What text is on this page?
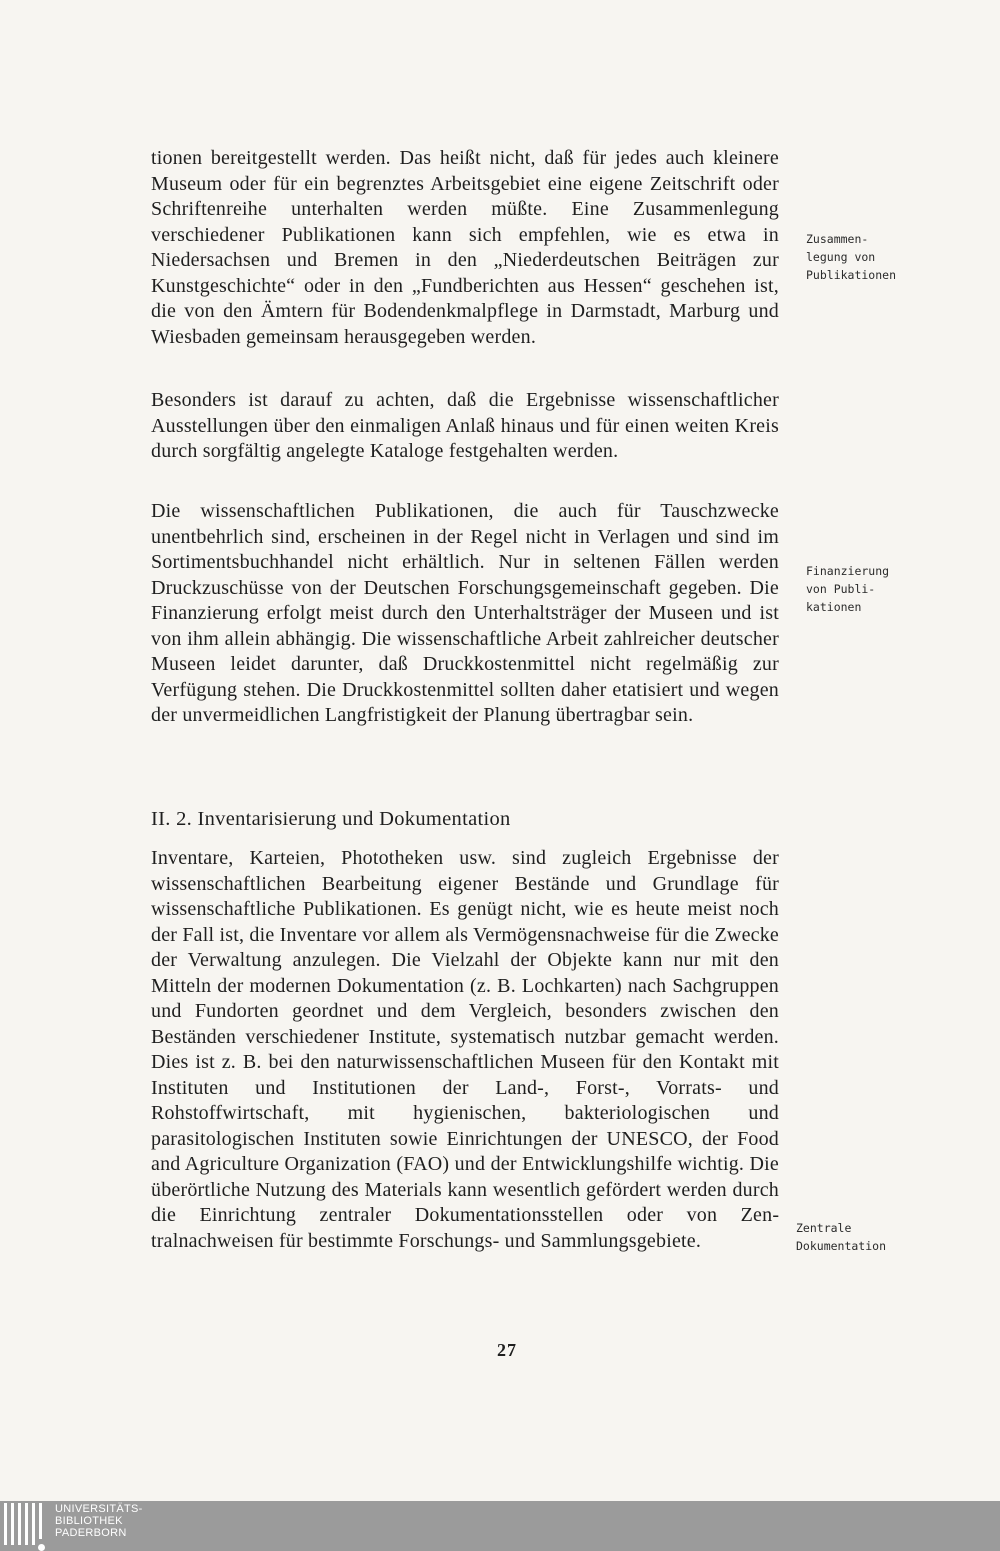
tionen bereitgestellt werden. Das heißt nicht, daß für jedes auch kleinere Museum oder für ein begrenztes Arbeitsgebiet eine eigene Zeitschrift oder Schriftenreihe unterhalten werden müßte. Eine Zusammenlegung verschiedener Publikationen kann sich empfehlen, wie es etwa in Niedersachsen und Bremen in den „Niederdeutschen Beiträgen zur Kunstgeschichte“ oder in den „Fundberichten aus Hessen“ geschehen ist, die von den Ämtern für Bodendenkmalpflege in Darmstadt, Marburg und Wiesbaden gemeinsam herausgegeben werden.

Besonders ist darauf zu achten, daß die Ergebnisse wissenschaftlicher Ausstellungen über den einmaligen Anlaß hinaus und für einen weiten Kreis durch sorgfältig angelegte Kataloge festgehalten werden.

Die wissenschaftlichen Publikationen, die auch für Tauschzwecke unentbehrlich sind, erscheinen in der Regel nicht in Verlagen und sind im Sortimentsbuchhandel nicht erhältlich. Nur in seltenen Fällen werden Druckzuschüsse von der Deutschen Forschungsgemeinschaft gegeben. Die Finanzierung erfolgt meist durch den Unterhaltsträger der Museen und ist von ihm allein abhängig. Die wissenschaftliche Arbeit zahlreicher deutscher Museen leidet darunter, daß Druckkostenmittel nicht regelmäßig zur Verfügung stehen. Die Druckkostenmittel sollten daher etatisiert und wegen der unvermeidlichen Langfristigkeit der Planung übertragbar sein.

II. 2. Inventarisierung und Dokumentation

Inventare, Karteien, Phototheken usw. sind zugleich Ergebnisse der wissenschaftlichen Bearbeitung eigener Bestände und Grundlage für wissenschaftliche Publikationen. Es genügt nicht, wie es heute meist noch der Fall ist, die Inventare vor allem als Vermögensnachweise für die Zwecke der Verwaltung anzulegen. Die Vielzahl der Objekte kann nur mit den Mitteln der modernen Dokumentation (z. B. Lochkarten) nach Sachgruppen und Fundorten geordnet und dem Vergleich, besonders zwischen den Beständen verschiedener Institute, systematisch nutzbar gemacht werden. Dies ist z. B. bei den naturwissenschaftlichen Museen für den Kontakt mit Instituten und Institutionen der Land-, Forst-, Vorrats- und Rohstoffwirtschaft, mit hygienischen, bakteriologischen und parasitologischen Instituten sowie Einrichtungen der UNESCO, der Food and Agriculture Organization (FAO) und der Entwicklungshilfe wichtig. Die überörtliche Nutzung des Materials kann wesentlich gefördert werden durch die Einrichtung zentraler Dokumentationsstellen oder von Zentralnachweisen für bestimmte Forschungs- und Sammlungsgebiete.

Zusammen-
legung von
Publikationen
Finanzierung
von Publi-
kationen
Zentrale
Dokumentation
27
UNIVERSITÄTS-
BIBLIOTHEK
PADERBORN
